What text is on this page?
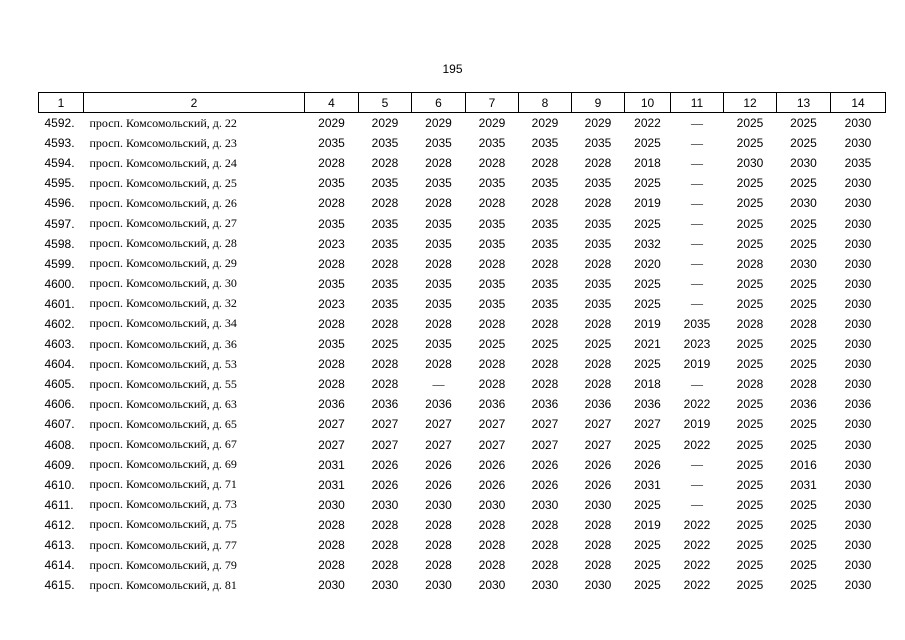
195
1	2	4	5	6	7	8	9	10	11	12	13	14
4592.	просп. Комсомольский, д. 22	2029	2029	2029	2029	2029	2029	2022	—	2025	2025	2030
4593.	просп. Комсомольский, д. 23	2035	2035	2035	2035	2035	2035	2025	—	2025	2025	2030
4594.	просп. Комсомольский, д. 24	2028	2028	2028	2028	2028	2028	2018	—	2030	2030	2035
4595.	просп. Комсомольский, д. 25	2035	2035	2035	2035	2035	2035	2025	—	2025	2025	2030
4596.	просп. Комсомольский, д. 26	2028	2028	2028	2028	2028	2028	2019	—	2025	2030	2030
4597.	просп. Комсомольский, д. 27	2035	2035	2035	2035	2035	2035	2025	—	2025	2025	2030
4598.	просп. Комсомольский, д. 28	2023	2035	2035	2035	2035	2035	2032	—	2025	2025	2030
4599.	просп. Комсомольский, д. 29	2028	2028	2028	2028	2028	2028	2020	—	2028	2030	2030
4600.	просп. Комсомольский, д. 30	2035	2035	2035	2035	2035	2035	2025	—	2025	2025	2030
4601.	просп. Комсомольский, д. 32	2023	2035	2035	2035	2035	2035	2025	—	2025	2025	2030
4602.	просп. Комсомольский, д. 34	2028	2028	2028	2028	2028	2028	2019	2035	2028	2028	2030
4603.	просп. Комсомольский, д. 36	2035	2025	2035	2025	2025	2025	2021	2023	2025	2025	2030
4604.	просп. Комсомольский, д. 53	2028	2028	2028	2028	2028	2028	2025	2019	2025	2025	2030
4605.	просп. Комсомольский, д. 55	2028	2028	—	2028	2028	2028	2018	—	2028	2028	2030
4606.	просп. Комсомольский, д. 63	2036	2036	2036	2036	2036	2036	2036	2022	2025	2036	2036
4607.	просп. Комсомольский, д. 65	2027	2027	2027	2027	2027	2027	2027	2019	2025	2025	2030
4608.	просп. Комсомольский, д. 67	2027	2027	2027	2027	2027	2027	2025	2022	2025	2025	2030
4609.	просп. Комсомольский, д. 69	2031	2026	2026	2026	2026	2026	2026	—	2025	2016	2030
4610.	просп. Комсомольский, д. 71	2031	2026	2026	2026	2026	2026	2031	—	2025	2031	2030
4611.	просп. Комсомольский, д. 73	2030	2030	2030	2030	2030	2030	2025	—	2025	2025	2030
4612.	просп. Комсомольский, д. 75	2028	2028	2028	2028	2028	2028	2019	2022	2025	2025	2030
4613.	просп. Комсомольский, д. 77	2028	2028	2028	2028	2028	2028	2025	2022	2025	2025	2030
4614.	просп. Комсомольский, д. 79	2028	2028	2028	2028	2028	2028	2025	2022	2025	2025	2030
4615.	просп. Комсомольский, д. 81	2030	2030	2030	2030	2030	2030	2025	2022	2025	2025	2030
